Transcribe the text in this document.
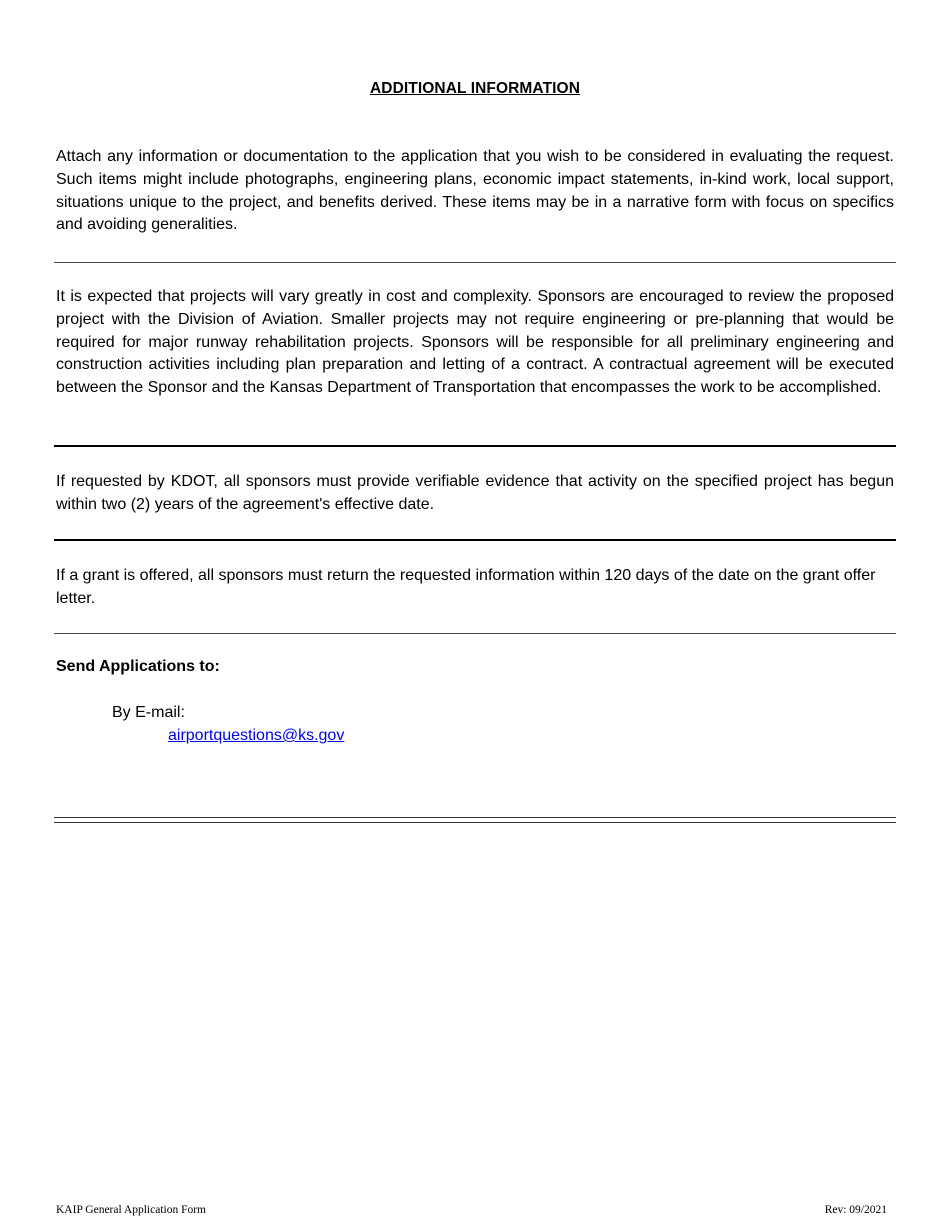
ADDITIONAL INFORMATION
Attach any information or documentation to the application that you wish to be considered in evaluating the request. Such items might include photographs, engineering plans, economic impact statements, in-kind work, local support, situations unique to the project, and benefits derived. These items may be in a narrative form with focus on specifics and avoiding generalities.
It is expected that projects will vary greatly in cost and complexity. Sponsors are encouraged to review the proposed project with the Division of Aviation. Smaller projects may not require engineering or pre-planning that would be required for major runway rehabilitation projects. Sponsors will be responsible for all preliminary engineering and construction activities including plan preparation and letting of a contract. A contractual agreement will be executed between the Sponsor and the Kansas Department of Transportation that encompasses the work to be accomplished.
If requested by KDOT, all sponsors must provide verifiable evidence that activity on the specified project has begun within two (2) years of the agreement's effective date.
If a grant is offered, all sponsors must return the requested information within 120 days of the date on the grant offer letter.
Send Applications to:
By E-mail:
airportquestions@ks.gov
KAIP General Application Form	Rev: 09/2021
